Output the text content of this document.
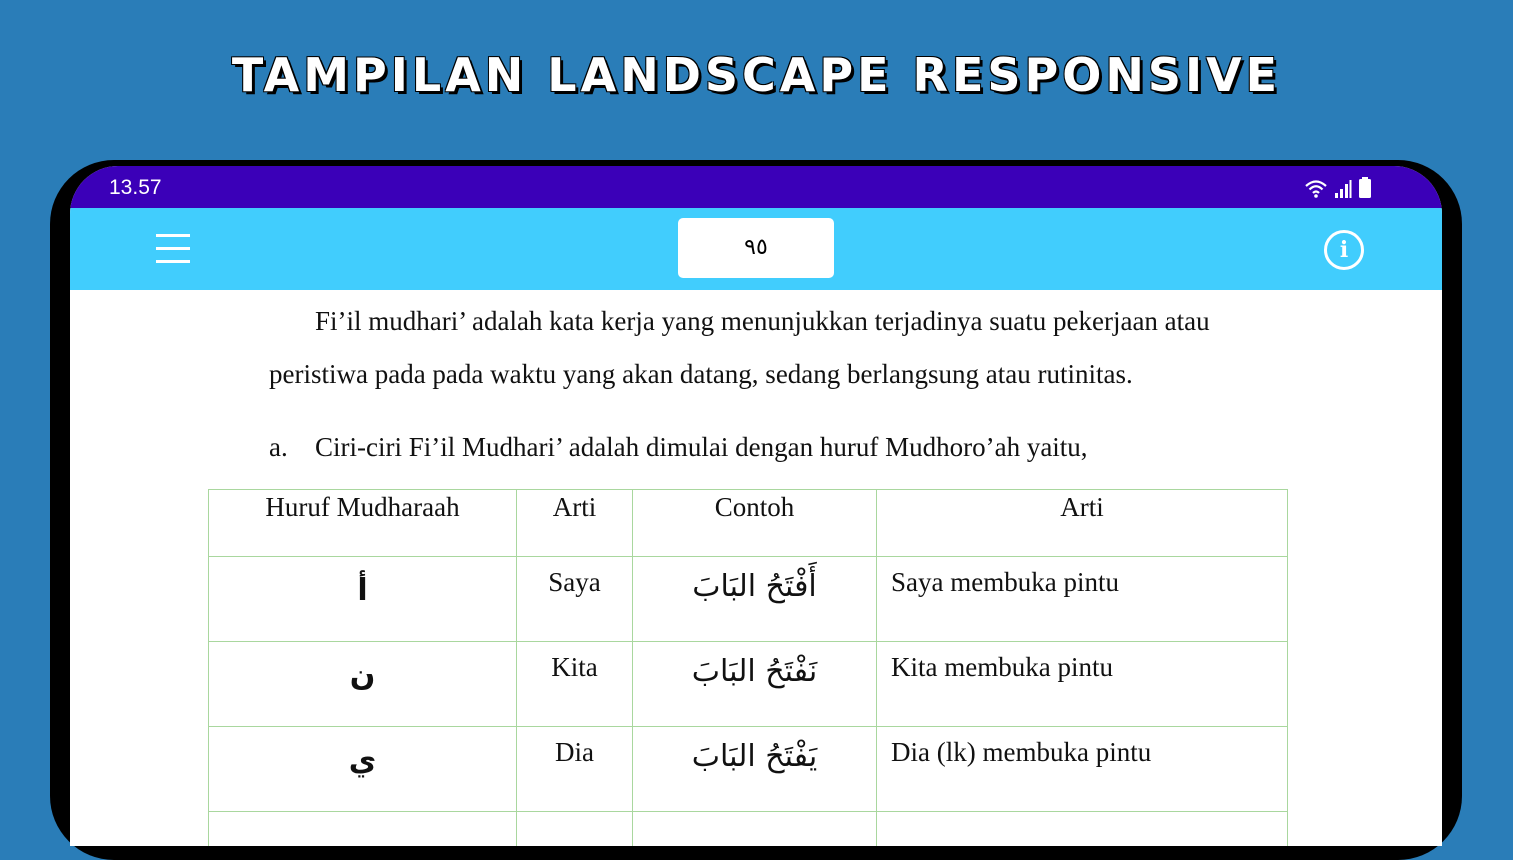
TAMPILAN LANDSCAPE RESPONSIVE
13.57
٩٥	i
Fi’il mudhari’ adalah kata kerja yang menunjukkan terjadinya suatu pekerjaan atau
peristiwa pada pada waktu yang akan datang, sedang berlangsung atau rutinitas.
a. Ciri-ciri Fi’il Mudhari’ adalah dimulai dengan huruf Mudhoro’ah yaitu,
Huruf Mudharaah	Arti	Contoh	Arti
أ	Saya	أَفْتَحُ البَابَ	Saya membuka pintu
ن	Kita	نَفْتَحُ البَابَ	Kita membuka pintu
ي	Dia	يَفْتَحُ البَابَ	Dia (lk) membuka pintu
